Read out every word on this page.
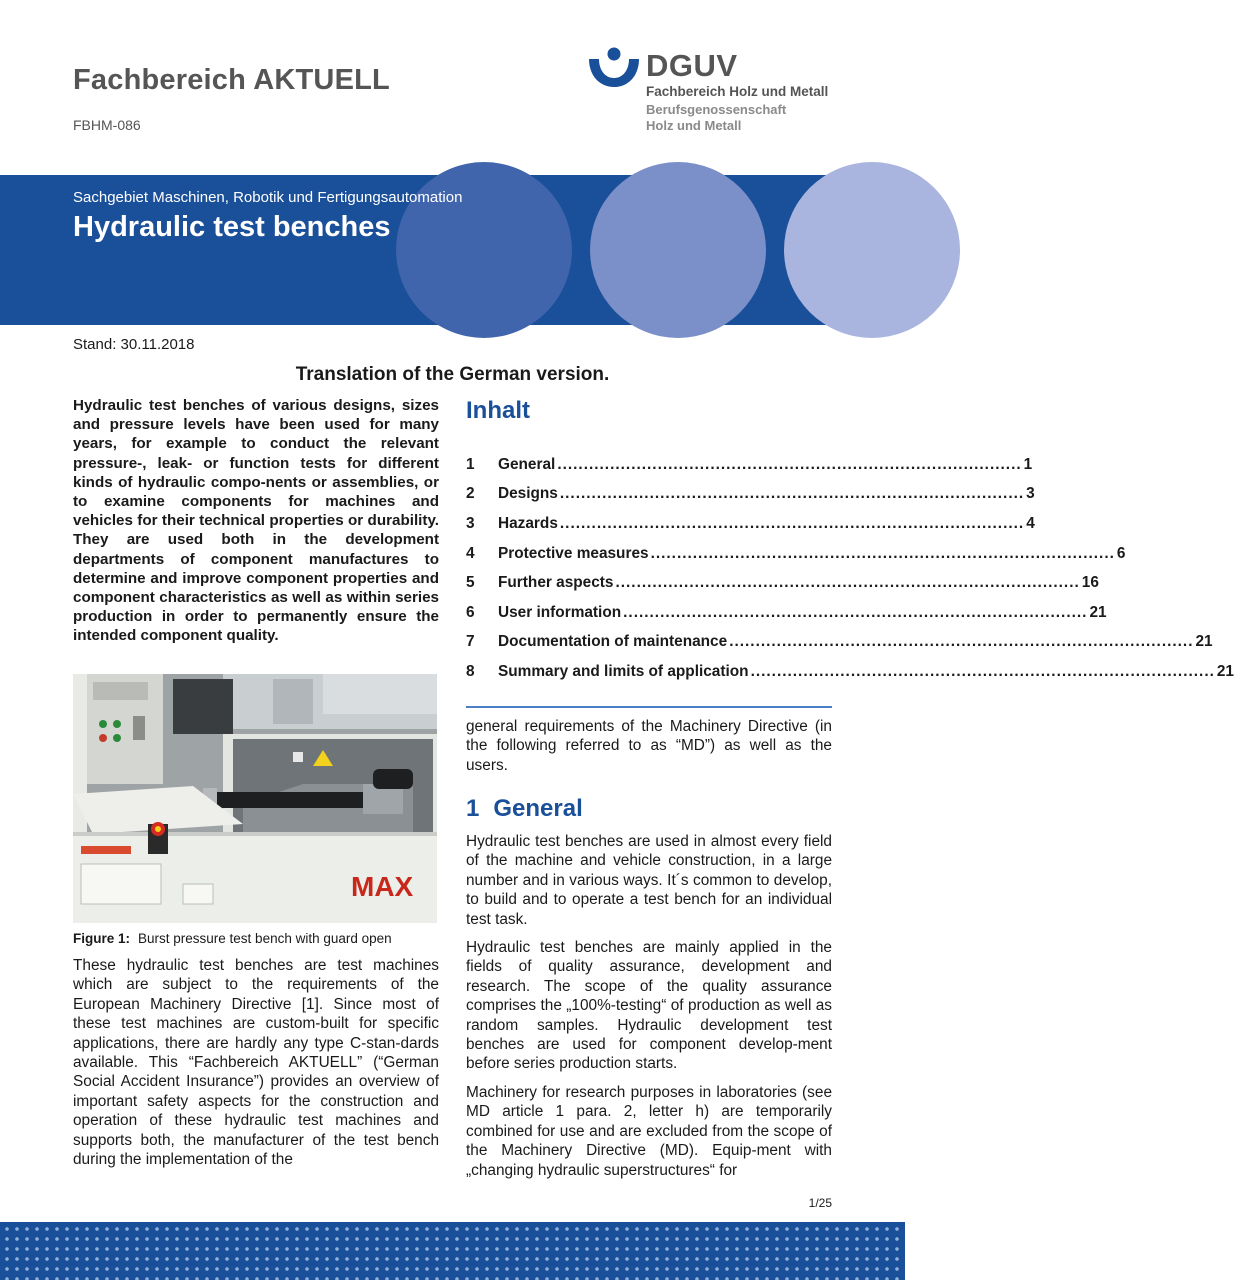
Fachbereich AKTUELL
FBHM-086
DGUV
Fachbereich Holz und Metall
Berufsgenossenschaft
Holz und Metall
Sachgebiet Maschinen, Robotik und Fertigungsautomation
Hydraulic test benches
Stand: 30.11.2018
Translation of the German version.
Hydraulic test benches of various designs, sizes and pressure levels have been used for many years, for example to conduct the relevant pressure-, leak- or function tests for different kinds of hydraulic compo-nents or assemblies, or to examine components for machines and vehicles for their technical properties or durability. They are used both in the development departments of component manufactures to determine and improve component properties and component characteristics as well as within series production in order to permanently ensure the intended component quality.
MAX
Figure 1: Burst pressure test bench with guard open
These hydraulic test benches are test machines which are subject to the requirements of the European Machinery Directive [1]. Since most of these test machines are custom-built for specific applications, there are hardly any type C-stan-dards available. This “Fachbereich AKTUELL” (“German Social Accident Insurance”) provides an overview of important safety aspects for the construction and operation of these hydraulic test machines and supports both, the manufacturer of the test bench during the implementation of the
Inhalt
1	General ........................................................................................ 1
2	Designs ........................................................................................ 3
3	Hazards ........................................................................................ 4
4	Protective measures ........................................................................................ 6
5	Further aspects ........................................................................................ 16
6	User information ........................................................................................ 21
7	Documentation of maintenance ........................................................................................ 21
8	Summary and limits of application ........................................................................................ 21
general requirements of the Machinery Directive (in the following referred to as “MD”) as well as the users.
1 General

Hydraulic test benches are used in almost every field of the machine and vehicle construction, in a large number and in various ways. It´s common to develop, to build and to operate a test bench for an individual test task.

Hydraulic test benches are mainly applied in the fields of quality assurance, development and research. The scope of the quality assurance comprises the „100%-testing“ of production as well as random samples. Hydraulic development test benches are used for component develop-ment before series production starts.

Machinery for research purposes in laboratories (see MD article 1 para. 2, letter h) are temporarily combined for use and are excluded from the scope of the Machinery Directive (MD). Equip-ment with „changing hydraulic superstructures“ for

1/25
